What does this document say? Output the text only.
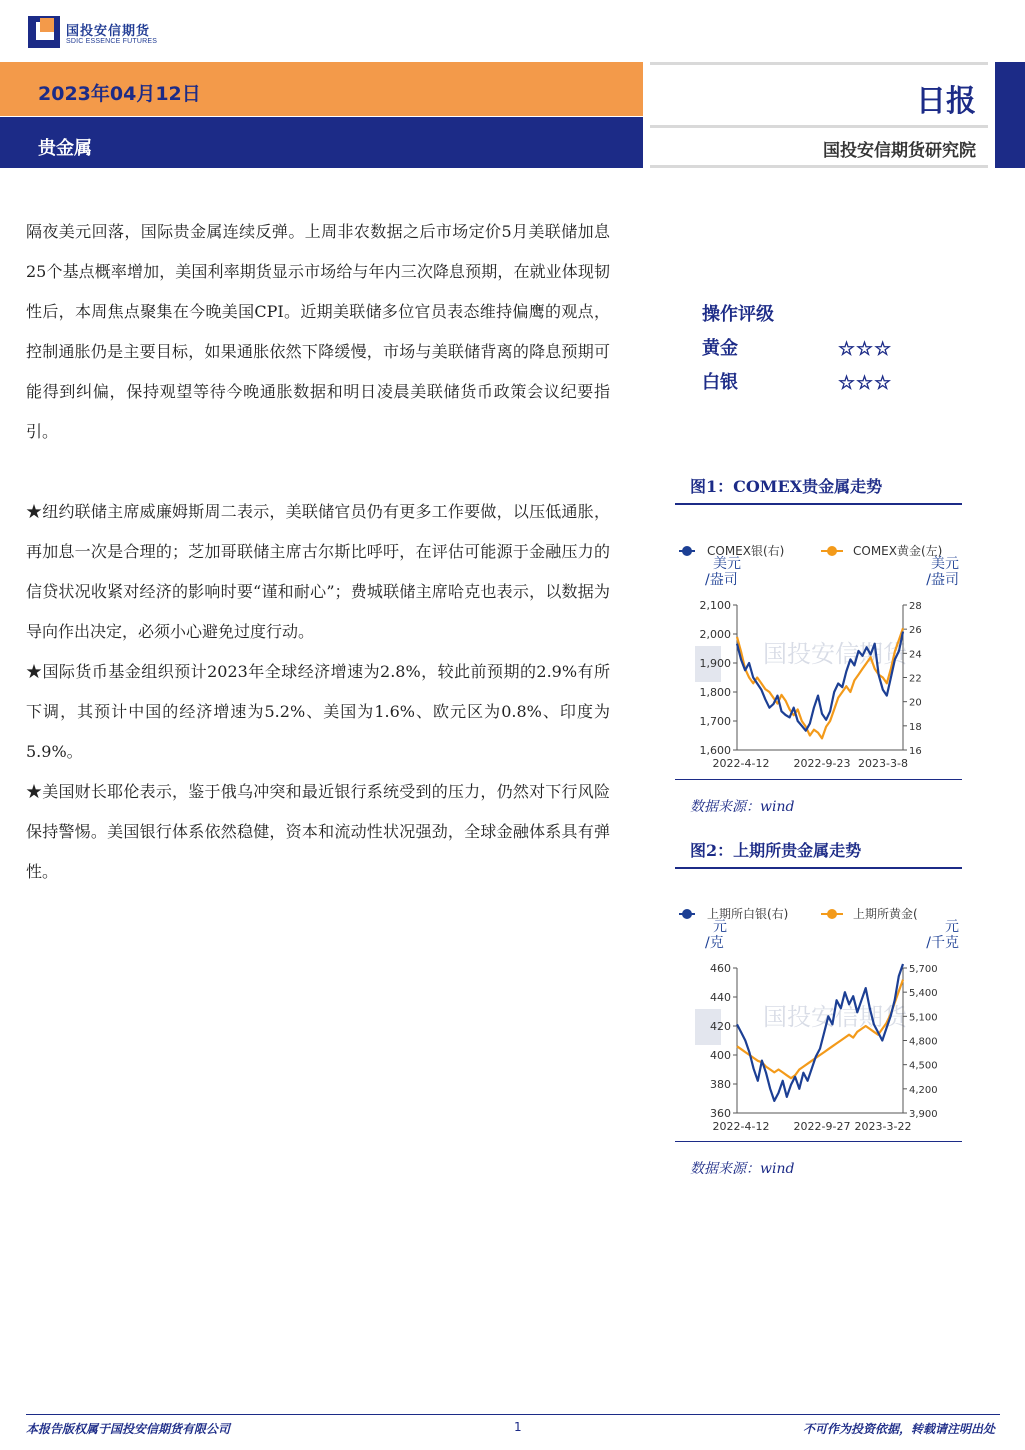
国投安信期货
SDIC ESSENCE FUTURES
2023年04月12日
贵金属
日报
国投安信期货研究院

隔夜美元回落，国际贵金属连续反弹。上周非农数据之后市场定价5月美联储加息25个基点概率增加，美国利率期货显示市场给与年内三次降息预期，在就业体现韧性后，本周焦点聚集在今晚美国CPI。近期美联储多位官员表态维持偏鹰的观点，控制通胀仍是主要目标，如果通胀依然下降缓慢，市场与美联储背离的降息预期可能得到纠偏，保持观望等待今晚通胀数据和明日凌晨美联储货币政策会议纪要指引。

★纽约联储主席威廉姆斯周二表示，美联储官员仍有更多工作要做，以压低通胀，再加息一次是合理的；芝加哥联储主席古尔斯比呼吁，在评估可能源于金融压力的信贷状况收紧对经济的影响时要“谨和耐心”；费城联储主席哈克也表示，以数据为导向作出决定，必须小心避免过度行动。

★国际货币基金组织预计2023年全球经济增速为2.8%，较此前预期的2.9%有所下调，其预计中国的经济增速为5.2%、美国为1.6%、欧元区为0.8%、印度为5.9%。

★美国财长耶伦表示，鉴于俄乌冲突和最近银行系统受到的压力，仍然对下行风险保持警惕。美国银行体系依然稳健，资本和流动性状况强劲，全球金融体系具有弹性。

操作评级
黄金	☆☆☆
白银	☆☆☆
图1：COMEX贵金属走势
国投安信期货
COMEX银(右)	COMEX黄金(左)
美元
/盎司
美元
/盎司
1,600
1,700
1,800
1,900
2,000
2,100
16
18
20
22
24
26
28
2022-4-12 2022-9-23 2023-3-8
数据来源：wind
图2：上期所贵金属走势
国投安信期货
上期所白银(右)	上期所黄金(
元
/克
元
/千克
360
380
400
420
440
460
3,900
4,200
4,500
4,800
5,100
5,400
5,700
2022-4-12 2022-9-27 2023-3-22
数据来源：wind
本报告版权属于国投安信期货有限公司	1	不可作为投资依据，转载请注明出处
